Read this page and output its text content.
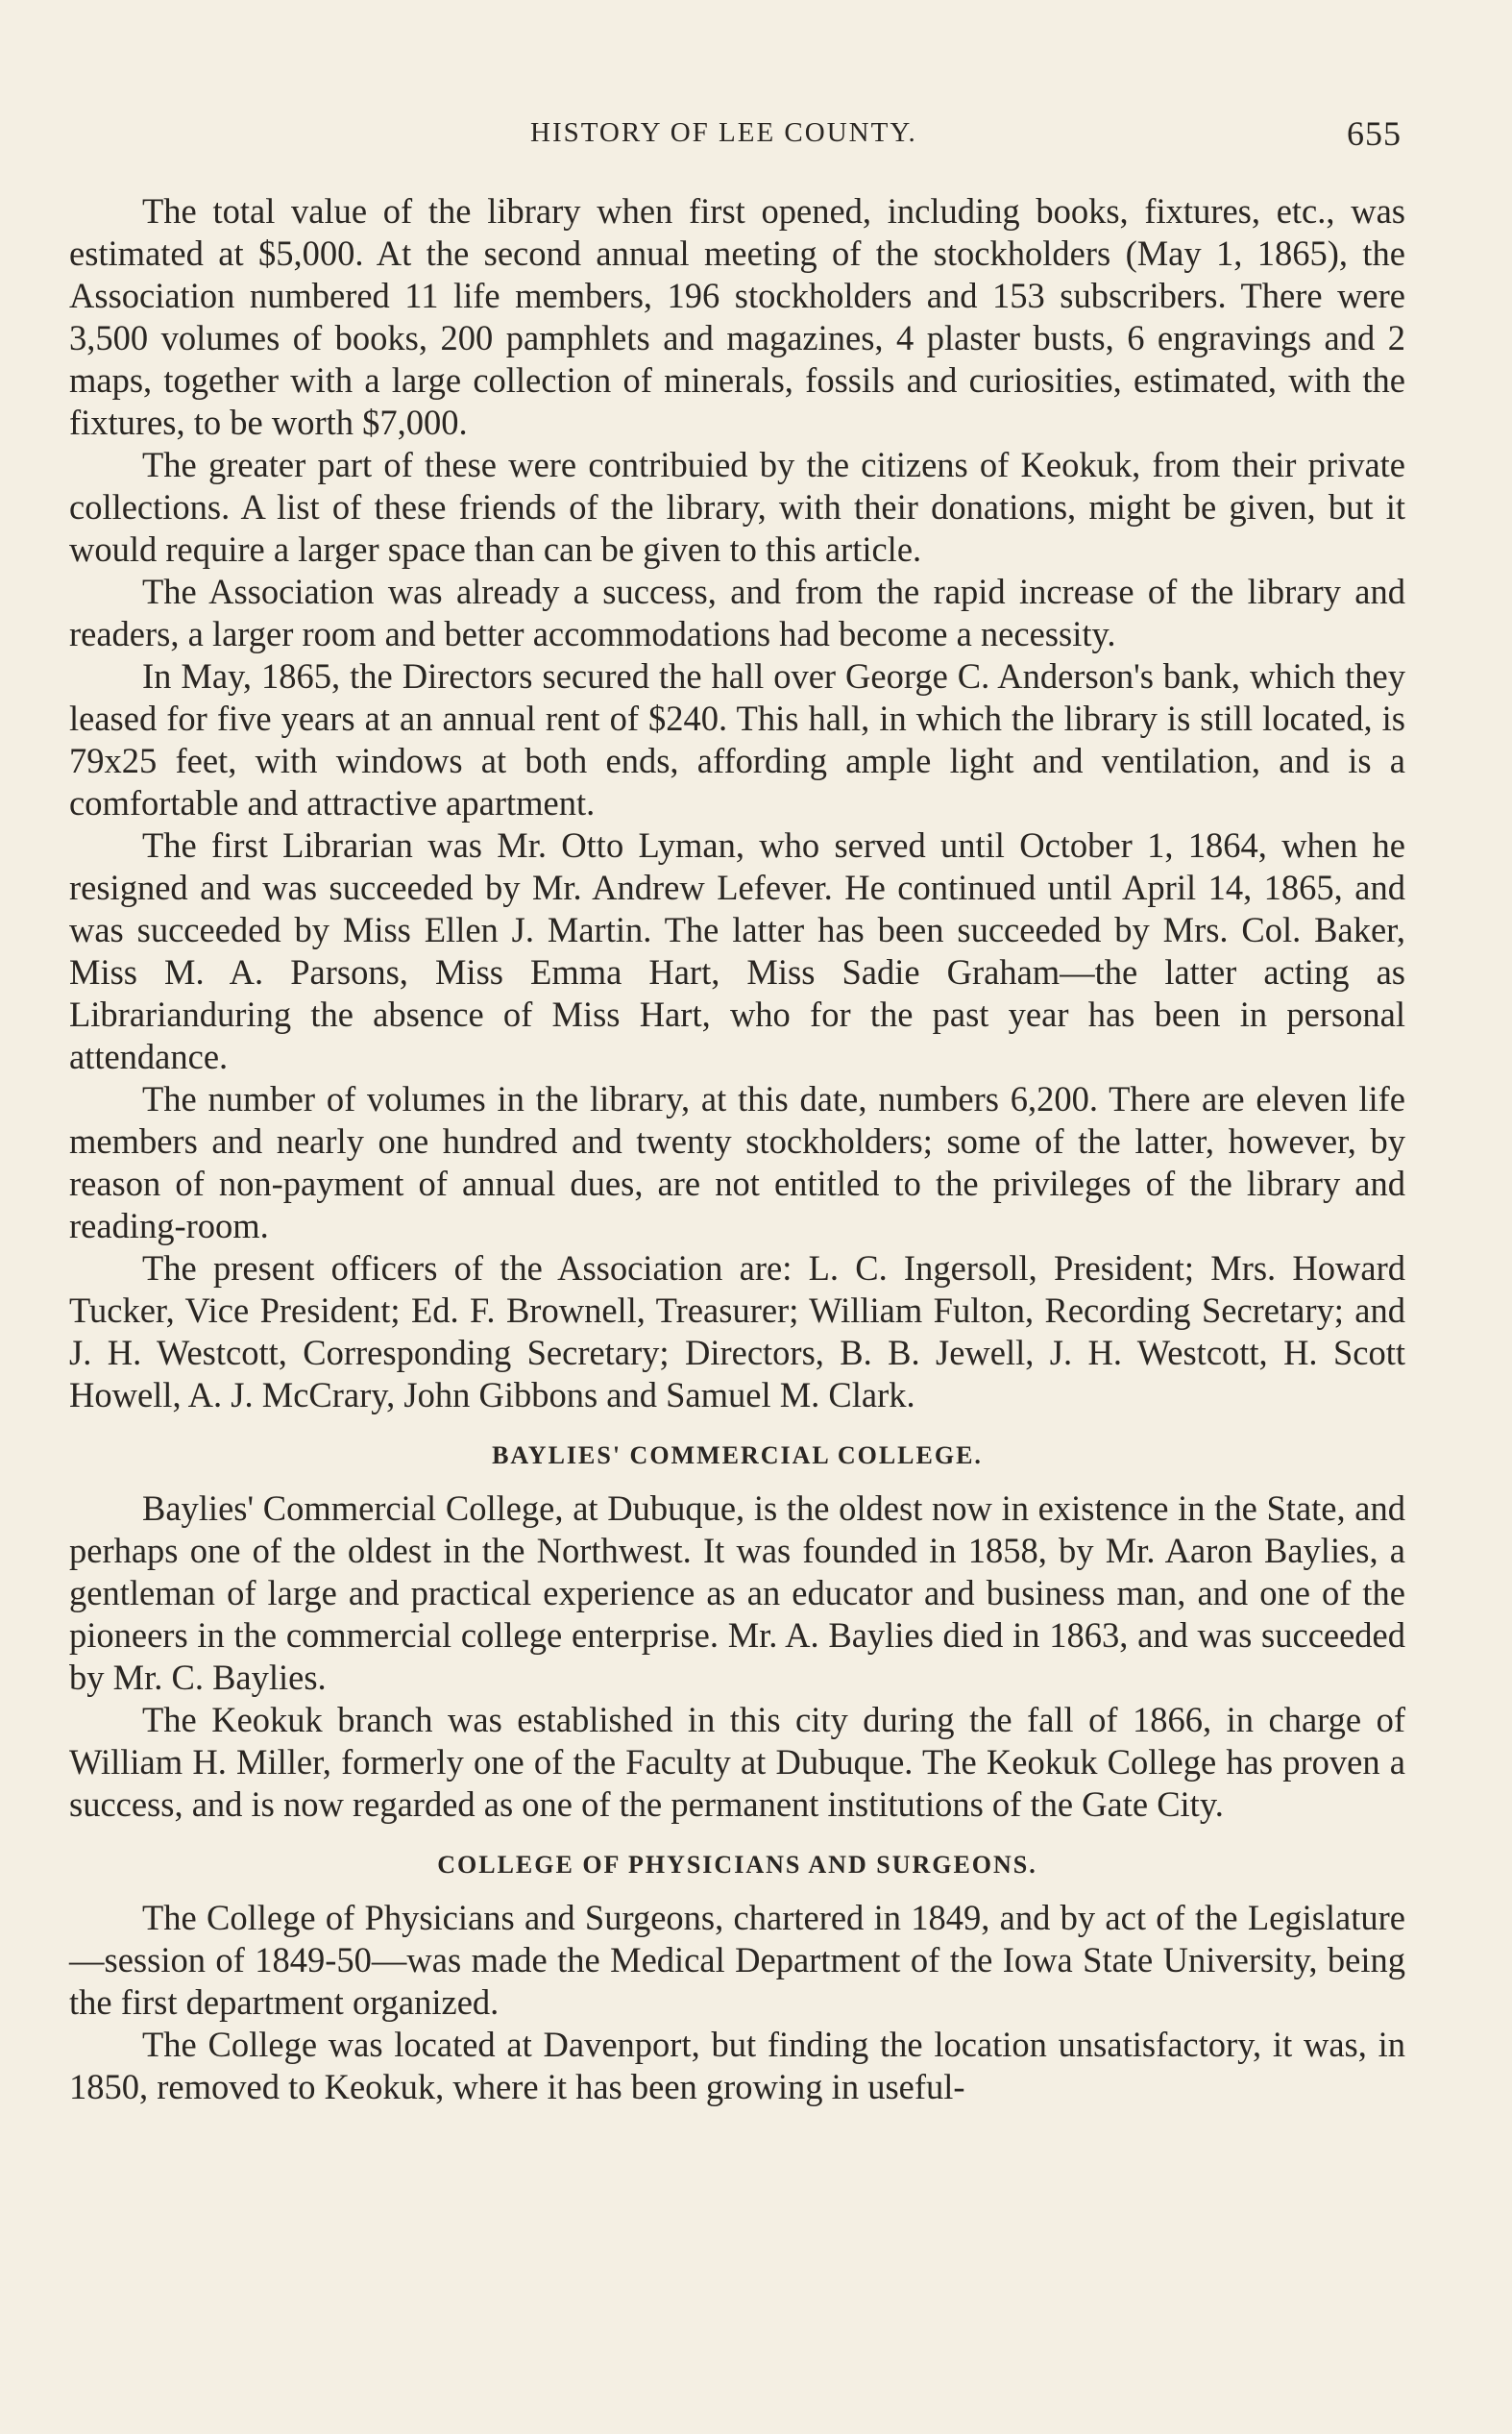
HISTORY OF LEE COUNTY.	655

The total value of the library when first opened, including books, fixtures, etc., was estimated at $5,000. At the second annual meeting of the stockholders (May 1, 1865), the Association numbered 11 life members, 196 stockholders and 153 subscribers. There were 3,500 volumes of books, 200 pamphlets and magazines, 4 plaster busts, 6 engravings and 2 maps, together with a large collection of minerals, fossils and curiosities, estimated, with the fixtures, to be worth $7,000.

The greater part of these were contribuied by the citizens of Keokuk, from their private collections. A list of these friends of the library, with their donations, might be given, but it would require a larger space than can be given to this article.

The Association was already a success, and from the rapid increase of the library and readers, a larger room and better accommodations had become a necessity.

In May, 1865, the Directors secured the hall over George C. Anderson's bank, which they leased for five years at an annual rent of $240. This hall, in which the library is still located, is 79x25 feet, with windows at both ends, affording ample light and ventilation, and is a comfortable and attractive apartment.

The first Librarian was Mr. Otto Lyman, who served until October 1, 1864, when he resigned and was succeeded by Mr. Andrew Lefever. He continued until April 14, 1865, and was succeeded by Miss Ellen J. Martin. The latter has been succeeded by Mrs. Col. Baker, Miss M. A. Parsons, Miss Emma Hart, Miss Sadie Graham—the latter acting as Librarianduring the absence of Miss Hart, who for the past year has been in personal attendance.

The number of volumes in the library, at this date, numbers 6,200. There are eleven life members and nearly one hundred and twenty stockholders; some of the latter, however, by reason of non-payment of annual dues, are not entitled to the privileges of the library and reading-room.

The present officers of the Association are: L. C. Ingersoll, President; Mrs. Howard Tucker, Vice President; Ed. F. Brownell, Treasurer; William Fulton, Recording Secretary; and J. H. Westcott, Corresponding Secretary; Directors, B. B. Jewell, J. H. Westcott, H. Scott Howell, A. J. McCrary, John Gibbons and Samuel M. Clark.

BAYLIES' COMMERCIAL COLLEGE.

Baylies' Commercial College, at Dubuque, is the oldest now in existence in the State, and perhaps one of the oldest in the Northwest. It was founded in 1858, by Mr. Aaron Baylies, a gentleman of large and practical experience as an educator and business man, and one of the pioneers in the commercial college enterprise. Mr. A. Baylies died in 1863, and was succeeded by Mr. C. Baylies.

The Keokuk branch was established in this city during the fall of 1866, in charge of William H. Miller, formerly one of the Faculty at Dubuque. The Keokuk College has proven a success, and is now regarded as one of the permanent institutions of the Gate City.

COLLEGE OF PHYSICIANS AND SURGEONS.

The College of Physicians and Surgeons, chartered in 1849, and by act of the Legislature—session of 1849-50—was made the Medical Department of the Iowa State University, being the first department organized.

The College was located at Davenport, but finding the location unsatisfactory, it was, in 1850, removed to Keokuk, where it has been growing in useful-
